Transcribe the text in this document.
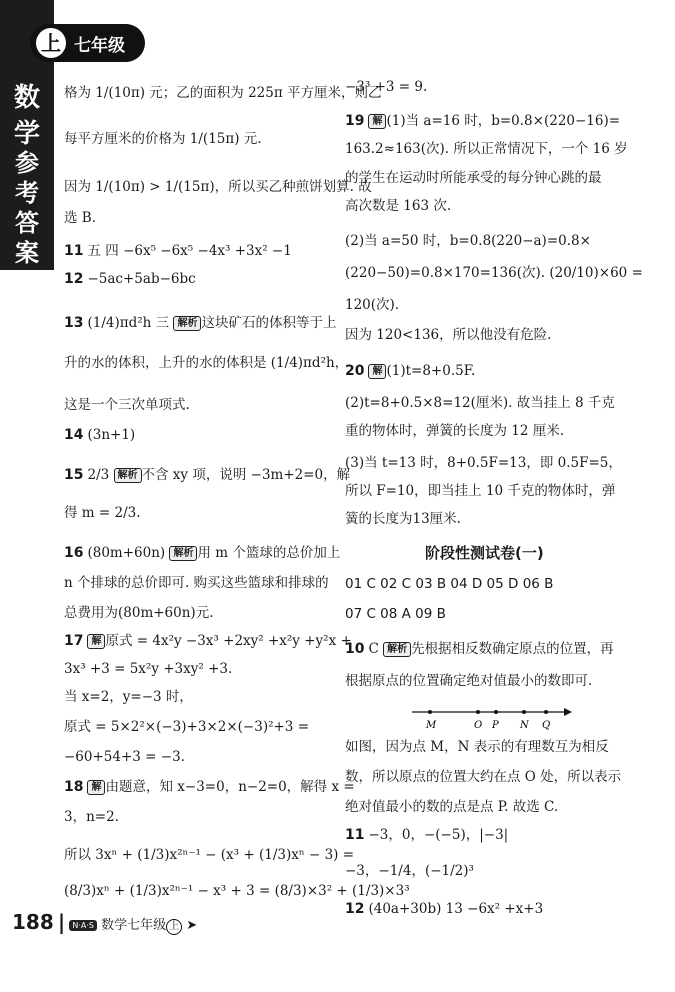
数
学
参
考
答
案
上 七年级
格为 1/(10π) 元；乙的面积为 225π 平方厘米，则乙
每平方厘米的价格为 1/(15π) 元.
因为 1/(10π) > 1/(15π)，所以买乙种煎饼划算. 故
选 B.
11 五 四 −6x⁵ −6x⁵ −4x³ +3x² −1
12 −5ac+5ab−6bc
13 (1/4)πd²h 三 解析 这块矿石的体积等于上
升的水的体积，上升的水的体积是 (1/4)πd²h，
这是一个三次单项式.
14 (3n+1)
15 2/3 解析 不含 xy 项，说明 −3m+2=0，解
得 m = 2/3.
16 (80m+60n) 解析 用 m 个篮球的总价加上
n 个排球的总价即可. 购买这些篮球和排球的
总费用为(80m+60n)元.
17 解 原式 = 4x²y −3x³ +2xy² +x²y +y²x +
3x³ +3 = 5x²y +3xy² +3.
当 x=2，y=−3 时，
原式 = 5×2²×(−3)+3×2×(−3)²+3 =
−60+54+3 = −3.
18 解 由题意，知 x−3=0，n−2=0，解得 x =
3，n=2.
所以 3xⁿ + (1/3)x²ⁿ⁻¹ − (x³ + (1/3)xⁿ − 3) =
(8/3)xⁿ + (1/3)x²ⁿ⁻¹ − x³ + 3 = (8/3)×3² + (1/3)×3³
−3³ +3 = 9.
19 解 (1)当 a=16 时，b=0.8×(220−16)=
163.2≈163(次). 所以正常情况下，一个 16 岁
的学生在运动时所能承受的每分钟心跳的最
高次数是 163 次.
(2)当 a=50 时，b=0.8(220−a)=0.8×
(220−50)=0.8×170=136(次). (20/10)×60 =
120(次).
因为 120<136，所以他没有危险.
20 解 (1)t=8+0.5F.
(2)t=8+0.5×8=12(厘米). 故当挂上 8 千克
重的物体时，弹簧的长度为 12 厘米.
(3)当 t=13 时，8+0.5F=13，即 0.5F=5，
所以 F=10，即当挂上 10 千克的物体时，弹
簧的长度为13厘米.
阶段性测试卷(一)
01 C 02 C 03 B 04 D 05 D 06 B
07 C 08 A 09 B
10 C 解析 先根据相反数确定原点的位置，再
根据原点的位置确定绝对值最小的数即可.
如图，因为点 M，N 表示的有理数互为相反
数，所以原点的位置大约在点 O 处，所以表示
绝对值最小的数的点是点 P. 故选 C.
11 −3，0，−(−5)，|−3|
−3，−1/4，(−1/2)³
12 (40a+30b) 13 −6x² +x+3
M	O P N Q
188 | N·A·S 数学七年级 上 ➤
